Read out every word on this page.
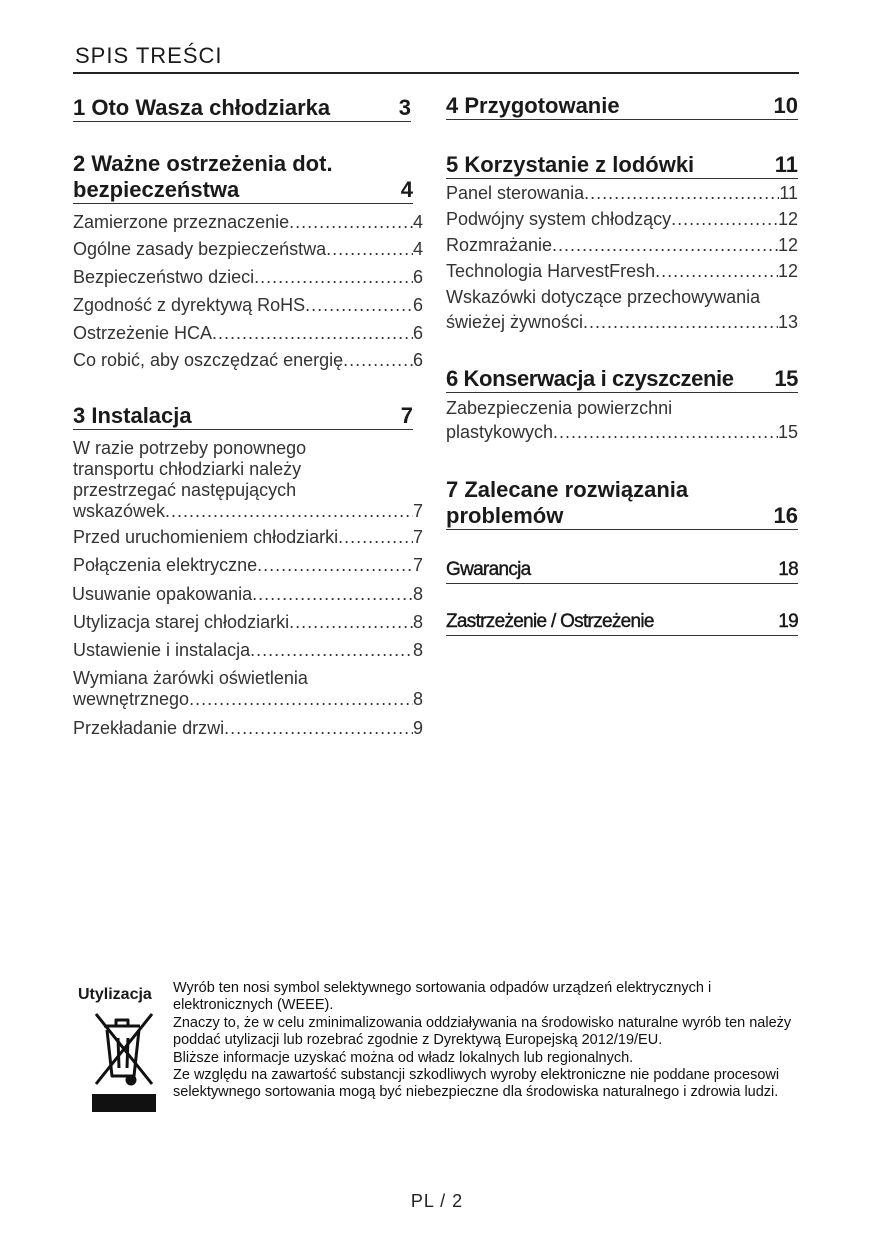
SPIS TREŚCI
1 Oto Wasza chłodziarka	3
2 Ważne ostrzeżenia dot.
bezpieczeństwa	4
Zamierzone przeznaczenie .....	4
Ogólne zasady bezpieczeństwa .....	4
Bezpieczeństwo dzieci .....	6
Zgodność z dyrektywą RoHS .....	6
Ostrzeżenie HCA .....	6
Co robić, aby oszczędzać energię .....	6
3 Instalacja	7
W razie potrzeby ponownego
transportu chłodziarki należy
przestrzegać następujących
wskazówek .....	7
Przed uruchomieniem chłodziarki .....	7
Połączenia elektryczne .....	7
Usuwanie opakowania .....	8
Utylizacja starej chłodziarki .....	8
Ustawienie i instalacja .....	8
Wymiana żarówki oświetlenia
wewnętrznego .....	8
Przekładanie drzwi .....	9
4 Przygotowanie	10
5 Korzystanie z lodówki	11
Panel sterowania .....	11
Podwójny system chłodzący .....	12
Rozmrażanie .....	12
Technologia HarvestFresh .....	12
Wskazówki dotyczące przechowywania
świeżej żywności .....	13
6 Konserwacja i czyszczenie 15
Zabezpieczenia powierzchni
plastykowych .....	15
7 Zalecane rozwiązania
problemów	16
Gwarancja	18
Zastrzeżenie / Ostrzeżenie	19
Utylizacja Wyrób ten nosi symbol selektywnego sortowania odpadów urządzeń elektrycznych i elektronicznych (WEEE).

Znaczy to, że w celu zminimalizowania oddziaływania na środowisko naturalne wyrób ten należy poddać utylizacji lub rozebrać zgodnie z Dyrektywą Europejską 2012/19/EU.

Bliższe informacje uzyskać można od władz lokalnych lub regionalnych.

Ze względu na zawartość substancji szkodliwych wyroby elektroniczne nie poddane procesowi selektywnego sortowania mogą być niebezpieczne dla środowiska naturalnego i zdrowia ludzi.

PL / 2
